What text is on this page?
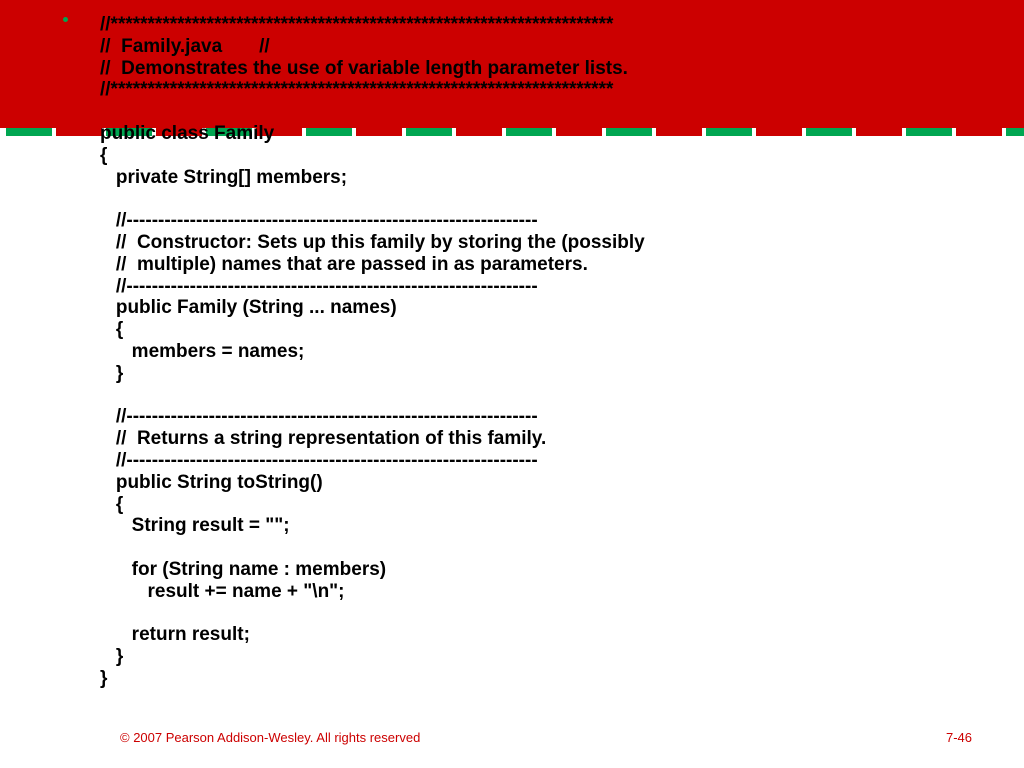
//********************************************************************
//  Family.java       //
//  Demonstrates the use of variable length parameter lists.
//********************************************************************
public class Family
{
private String[] members;
//-----------------------------------------------------------------
//  Constructor: Sets up this family by storing the (possibly
//  multiple) names that are passed in as parameters.
//-----------------------------------------------------------------
public Family (String ... names)
{
members = names;
}
//-----------------------------------------------------------------
//  Returns a string representation of this family.
//-----------------------------------------------------------------
public String toString()
{
String result = "";
for (String name : members)
result += name + "\n";
return result;
}
}
© 2007 Pearson Addison-Wesley. All rights reserved	7-46
